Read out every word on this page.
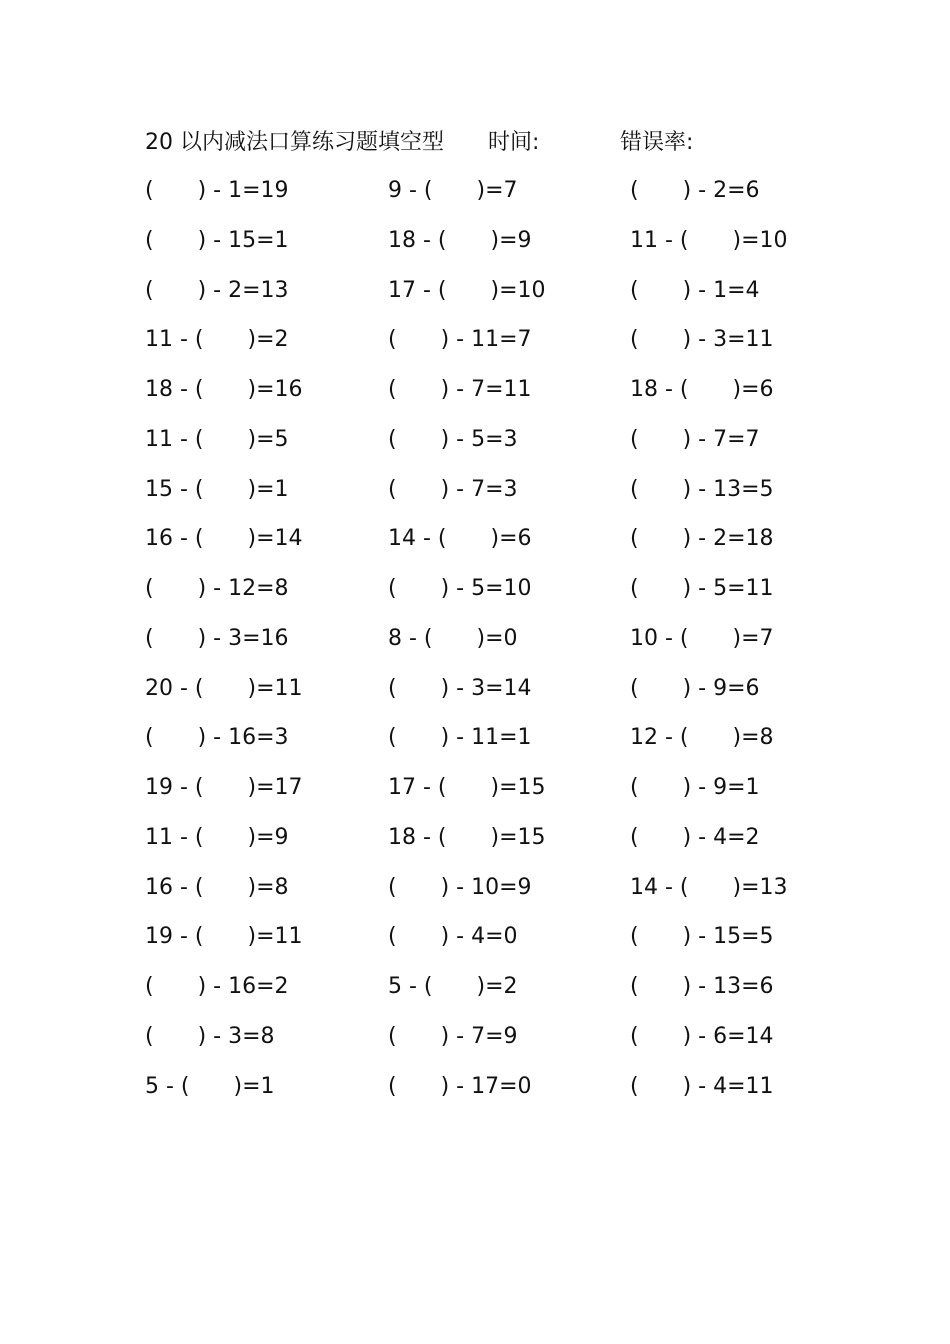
20 以内减法口算练习题填空型 时间:	错误率:
(　　) - 1=19	9 - (　　)=7	(　　) - 2=6
(　　) - 15=1	18 - (　　)=9	11 - (　　)=10
(　　) - 2=13	17 - (　　)=10	(　　) - 1=4
11 - (　　)=2	(　　) - 11=7	(　　) - 3=11
18 - (　　)=16	(　　) - 7=11	18 - (　　)=6
11 - (　　)=5	(　　) - 5=3	(　　) - 7=7
15 - (　　)=1	(　　) - 7=3	(　　) - 13=5
16 - (　　)=14	14 - (　　)=6	(　　) - 2=18
(　　) - 12=8	(　　) - 5=10	(　　) - 5=11
(　　) - 3=16	8 - (　　)=0	10 - (　　)=7
20 - (　　)=11	(　　) - 3=14	(　　) - 9=6
(　　) - 16=3	(　　) - 11=1	12 - (　　)=8
19 - (　　)=17	17 - (　　)=15	(　　) - 9=1
11 - (　　)=9	18 - (　　)=15	(　　) - 4=2
16 - (　　)=8	(　　) - 10=9	14 - (　　)=13
19 - (　　)=11	(　　) - 4=0	(　　) - 15=5
(　　) - 16=2	5 - (　　)=2	(　　) - 13=6
(　　) - 3=8	(　　) - 7=9	(　　) - 6=14
5 - (　　)=1	(　　) - 17=0	(　　) - 4=11
